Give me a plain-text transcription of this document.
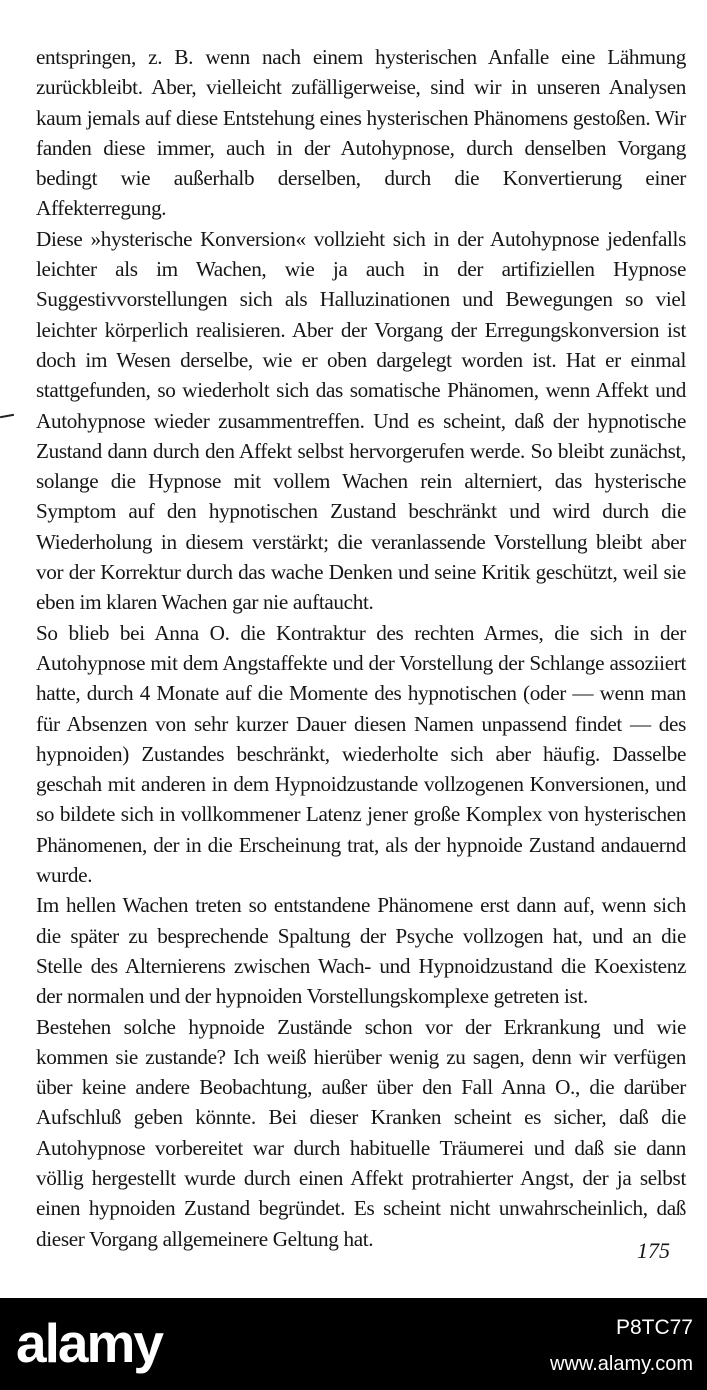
entspringen, z. B. wenn nach einem hysterischen Anfalle eine Lähmung zurückbleibt. Aber, vielleicht zufälligerweise, sind wir in unseren Analysen kaum jemals auf diese Entstehung eines hysterischen Phänomens gestoßen. Wir fanden diese immer, auch in der Autohypnose, durch denselben Vorgang bedingt wie außerhalb derselben, durch die Konvertierung einer Affekterregung.

Diese »hysterische Konversion« vollzieht sich in der Autohypnose jedenfalls leichter als im Wachen, wie ja auch in der artifiziellen Hypnose Suggestivvorstellungen sich als Halluzinationen und Bewegungen so viel leichter körperlich realisieren. Aber der Vorgang der Erregungskonversion ist doch im Wesen derselbe, wie er oben dargelegt worden ist. Hat er einmal stattgefunden, so wiederholt sich das somatische Phänomen, wenn Affekt und Autohypnose wieder zusammentreffen. Und es scheint, daß der hypnotische Zustand dann durch den Affekt selbst hervorgerufen werde. So bleibt zunächst, solange die Hypnose mit vollem Wachen rein alterniert, das hysterische Symptom auf den hypnotischen Zustand beschränkt und wird durch die Wiederholung in diesem verstärkt; die veranlassende Vorstellung bleibt aber vor der Korrektur durch das wache Denken und seine Kritik geschützt, weil sie eben im klaren Wachen gar nie auftaucht.

So blieb bei Anna O. die Kontraktur des rechten Armes, die sich in der Autohypnose mit dem Angstaffekte und der Vorstellung der Schlange assoziiert hatte, durch 4 Monate auf die Momente des hypnotischen (oder — wenn man für Absenzen von sehr kurzer Dauer diesen Namen unpassend findet — des hypnoiden) Zustandes beschränkt, wiederholte sich aber häufig. Dasselbe geschah mit anderen in dem Hypnoidzustande vollzogenen Konversionen, und so bildete sich in vollkommener Latenz jener große Komplex von hysterischen Phänomenen, der in die Erscheinung trat, als der hypnoide Zustand andauernd wurde.

Im hellen Wachen treten so entstandene Phänomene erst dann auf, wenn sich die später zu besprechende Spaltung der Psyche vollzogen hat, und an die Stelle des Alternierens zwischen Wach- und Hypnoidzustand die Koexistenz der normalen und der hypnoiden Vorstellungskomplexe getreten ist.

Bestehen solche hypnoide Zustände schon vor der Erkrankung und wie kommen sie zustande? Ich weiß hierüber wenig zu sagen, denn wir verfügen über keine andere Beobachtung, außer über den Fall Anna O., die darüber Aufschluß geben könnte. Bei dieser Kranken scheint es sicher, daß die Autohypnose vorbereitet war durch habituelle Träumerei und daß sie dann völlig hergestellt wurde durch einen Affekt protrahierter Angst, der ja selbst einen hypnoiden Zustand begründet. Es scheint nicht unwahrscheinlich, daß dieser Vorgang allgemeinere Geltung hat.	175
alamy	P8TC77
www.alamy.com
